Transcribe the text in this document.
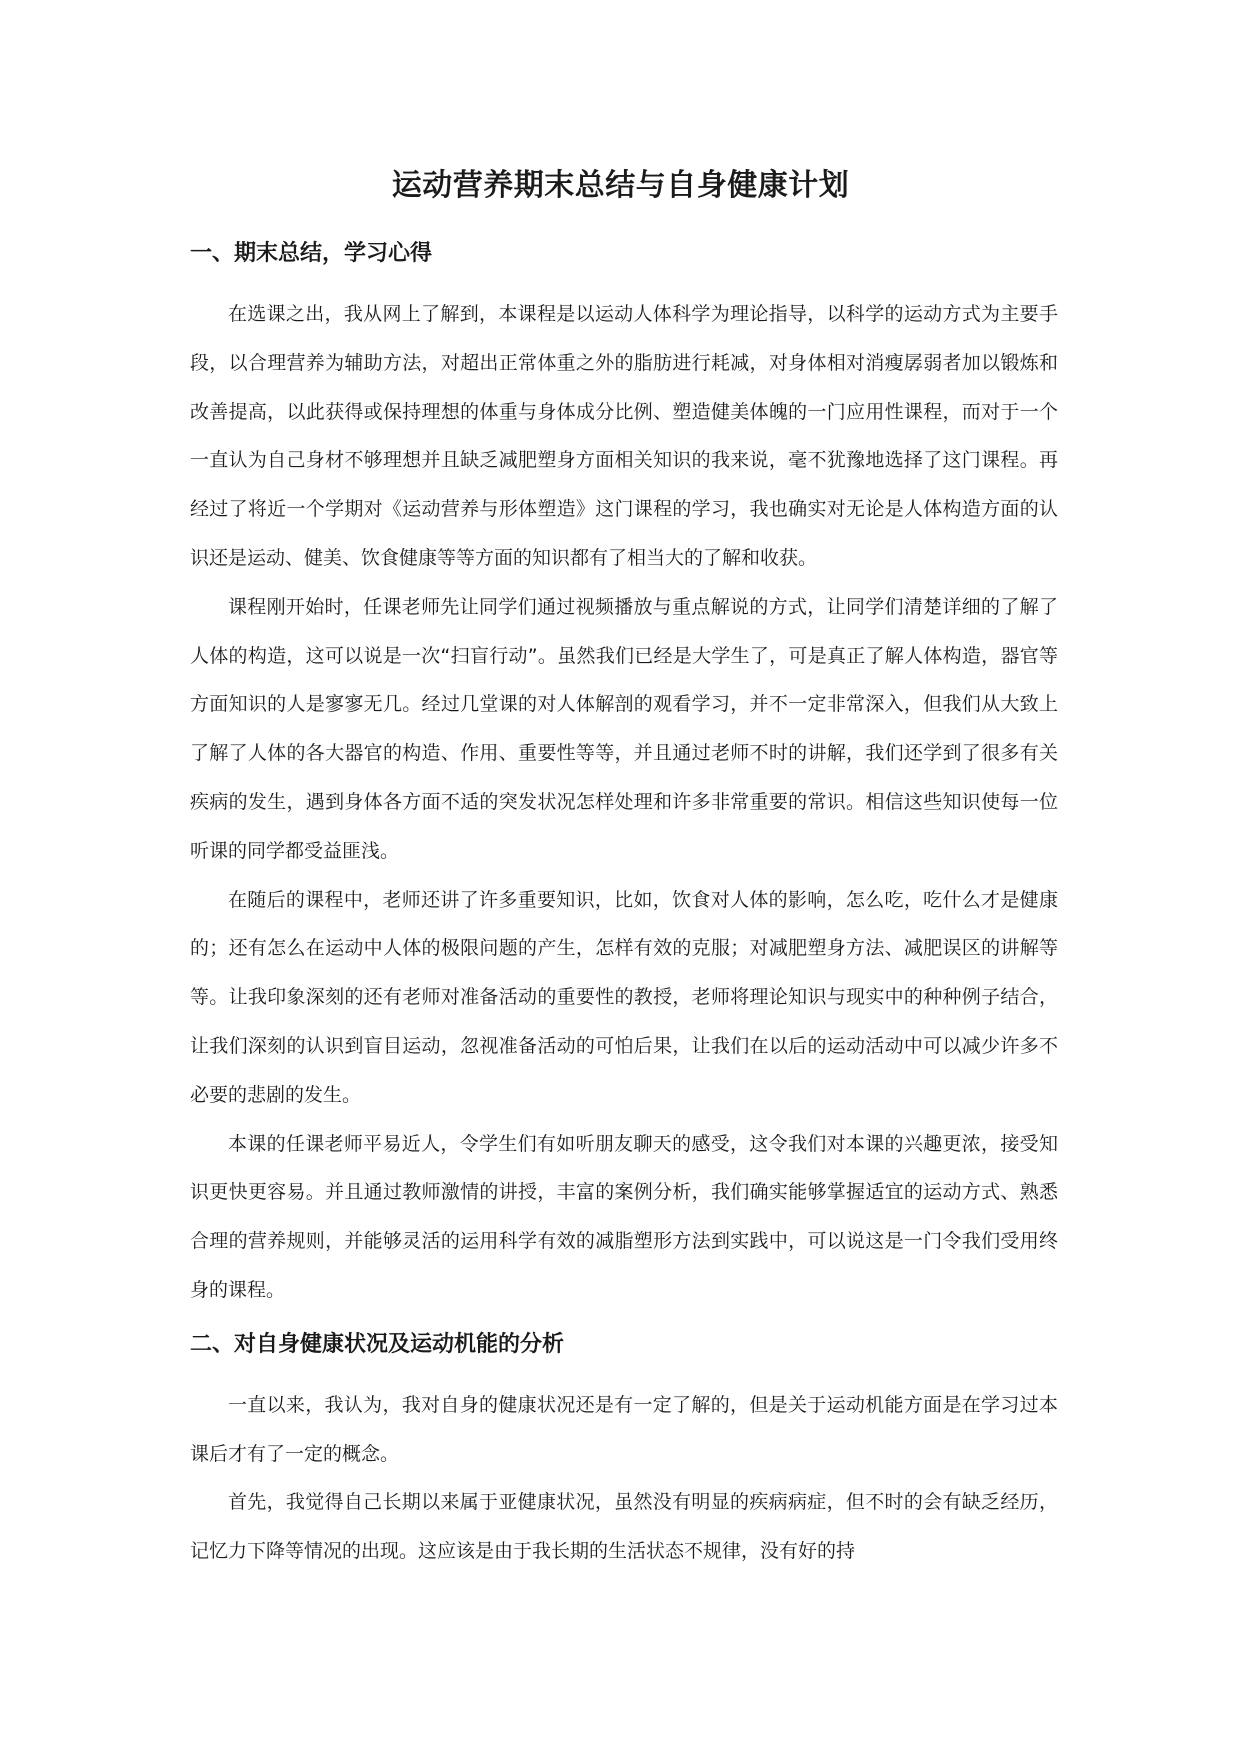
运动营养期末总结与自身健康计划
一、期末总结，学习心得

在选课之出，我从网上了解到，本课程是以运动人体科学为理论指导，以科学的运动方式为主要手段，以合理营养为辅助方法，对超出正常体重之外的脂肪进行耗减，对身体相对消瘦孱弱者加以锻炼和改善提高，以此获得或保持理想的体重与身体成分比例、塑造健美体魄的一门应用性课程，而对于一个一直认为自己身材不够理想并且缺乏减肥塑身方面相关知识的我来说，毫不犹豫地选择了这门课程。再经过了将近一个学期对《运动营养与形体塑造》这门课程的学习，我也确实对无论是人体构造方面的认识还是运动、健美、饮食健康等等方面的知识都有了相当大的了解和收获。

课程刚开始时，任课老师先让同学们通过视频播放与重点解说的方式，让同学们清楚详细的了解了人体的构造，这可以说是一次“扫盲行动”。虽然我们已经是大学生了，可是真正了解人体构造，器官等方面知识的人是寥寥无几。经过几堂课的对人体解剖的观看学习，并不一定非常深入，但我们从大致上了解了人体的各大器官的构造、作用、重要性等等，并且通过老师不时的讲解，我们还学到了很多有关疾病的发生，遇到身体各方面不适的突发状况怎样处理和许多非常重要的常识。相信这些知识使每一位听课的同学都受益匪浅。

在随后的课程中，老师还讲了许多重要知识，比如，饮食对人体的影响，怎么吃，吃什么才是健康的；还有怎么在运动中人体的极限问题的产生，怎样有效的克服；对减肥塑身方法、减肥误区的讲解等等。让我印象深刻的还有老师对准备活动的重要性的教授，老师将理论知识与现实中的种种例子结合，让我们深刻的认识到盲目运动，忽视准备活动的可怕后果，让我们在以后的运动活动中可以减少许多不必要的悲剧的发生。

本课的任课老师平易近人，令学生们有如听朋友聊天的感受，这令我们对本课的兴趣更浓，接受知识更快更容易。并且通过教师激情的讲授，丰富的案例分析，我们确实能够掌握适宜的运动方式、熟悉合理的营养规则，并能够灵活的运用科学有效的减脂塑形方法到实践中，可以说这是一门令我们受用终身的课程。

二、对自身健康状况及运动机能的分析

一直以来，我认为，我对自身的健康状况还是有一定了解的，但是关于运动机能方面是在学习过本课后才有了一定的概念。

首先，我觉得自己长期以来属于亚健康状况，虽然没有明显的疾病病症，但不时的会有缺乏经历，记忆力下降等情况的出现。这应该是由于我长期的生活状态不规律，没有好的持
